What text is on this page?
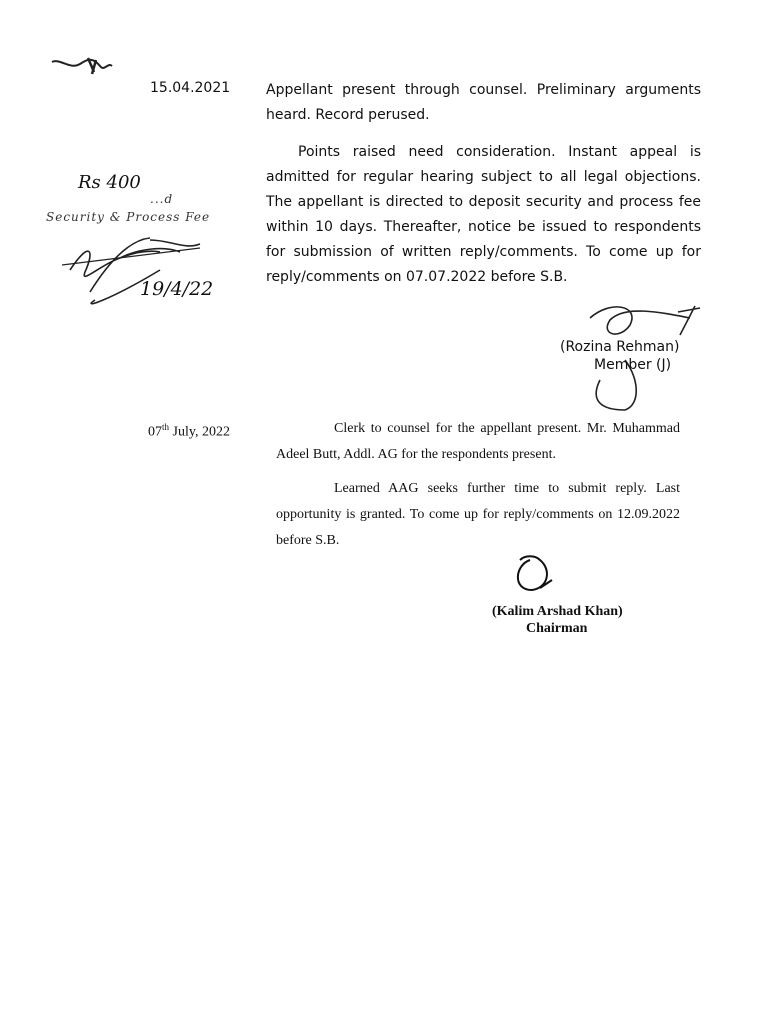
15.04.2021	Appellant present through counsel. Preliminary arguments heard. Record perused.

Points raised need consideration. Instant appeal is admitted for regular hearing subject to all legal objections. The appellant is directed to deposit security and process fee within 10 days. Thereafter, notice be issued to respondents for submission of written reply/comments. To come up for reply/comments on 07.07.2022 before S.B.

(Rozina Rehman)
Member (J)
Rs 400
...d
Security & Process Fee
19/4/22
07th July, 2022	Clerk to counsel for the appellant present. Mr. Muhammad Adeel Butt, Addl. AG for the respondents present.

Learned AAG seeks further time to submit reply. Last opportunity is granted. To come up for reply/comments on 12.09.2022 before S.B.

(Kalim Arshad Khan)
Chairman
